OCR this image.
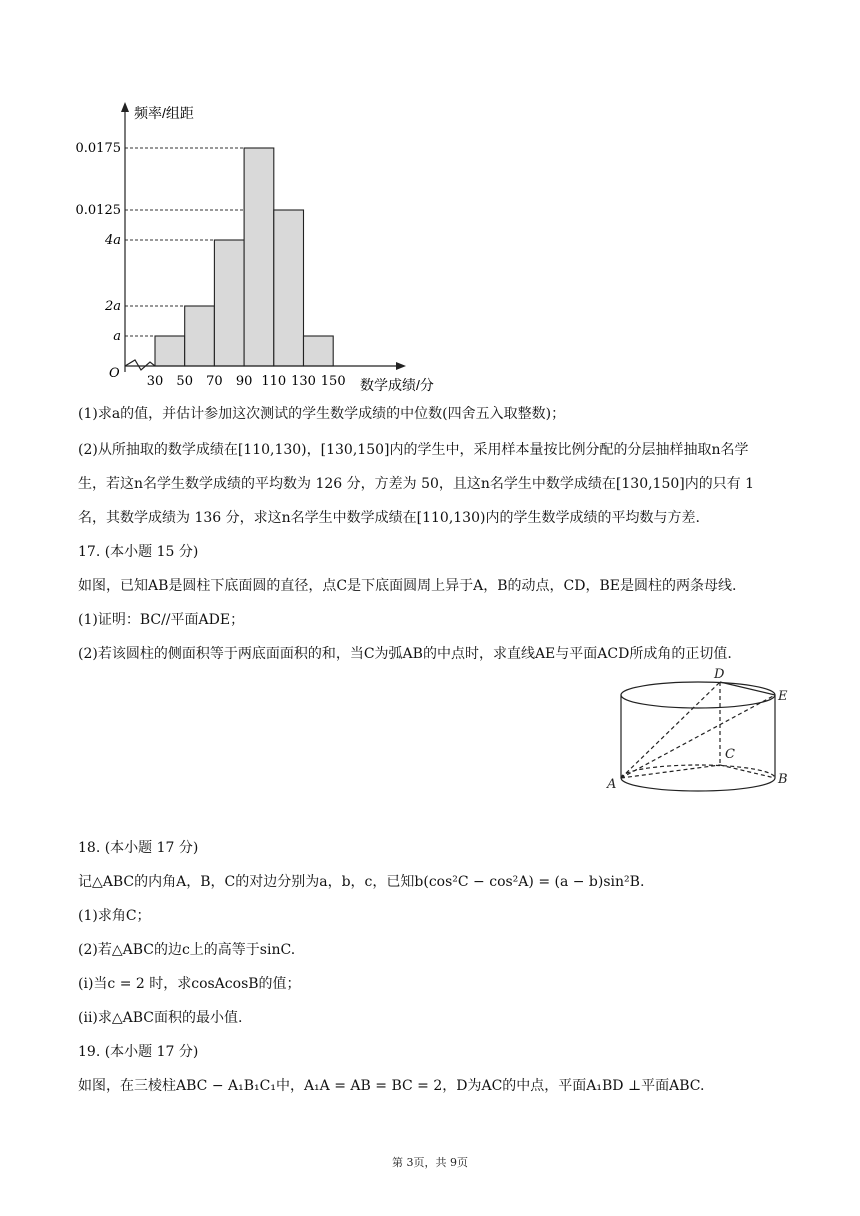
频率/组距
数学成绩/分
O
30 50 70 90 110 130 150
0.0175
0.0125
4a
2a
a
(1)求a的值，并估计参加这次测试的学生数学成绩的中位数(四舍五入取整数)；
(2)从所抽取的数学成绩在[110,130)，[130,150]内的学生中，采用样本量按比例分配的分层抽样抽取n名学
生，若这n名学生数学成绩的平均数为 126 分，方差为 50，且这n名学生中数学成绩在[130,150]内的只有 1
名，其数学成绩为 136 分，求这n名学生中数学成绩在[110,130)内的学生数学成绩的平均数与方差.
17. (本小题 15 分)
如图，已知AB是圆柱下底面圆的直径，点C是下底面圆周上异于A，B的动点，CD，BE是圆柱的两条母线.
(1)证明：BC//平面ADE；
(2)若该圆柱的侧面积等于两底面面积的和，当C为弧AB的中点时，求直线AE与平面ACD所成角的正切值.
D
E
C
A	B
18. (本小题 17 分)
记△ABC的内角A，B，C的对边分别为a，b，c，已知b(cos²C − cos²A) = (a − b)sin²B.
(1)求角C；
(2)若△ABC的边c上的高等于sinC.
(i)当c = 2 时，求cosAcosB的值；
(ii)求△ABC面积的最小值.
19. (本小题 17 分)
如图，在三棱柱ABC − A₁B₁C₁中，A₁A = AB = BC = 2，D为AC的中点，平面A₁BD ⊥平面ABC.
第 3页，共 9页
